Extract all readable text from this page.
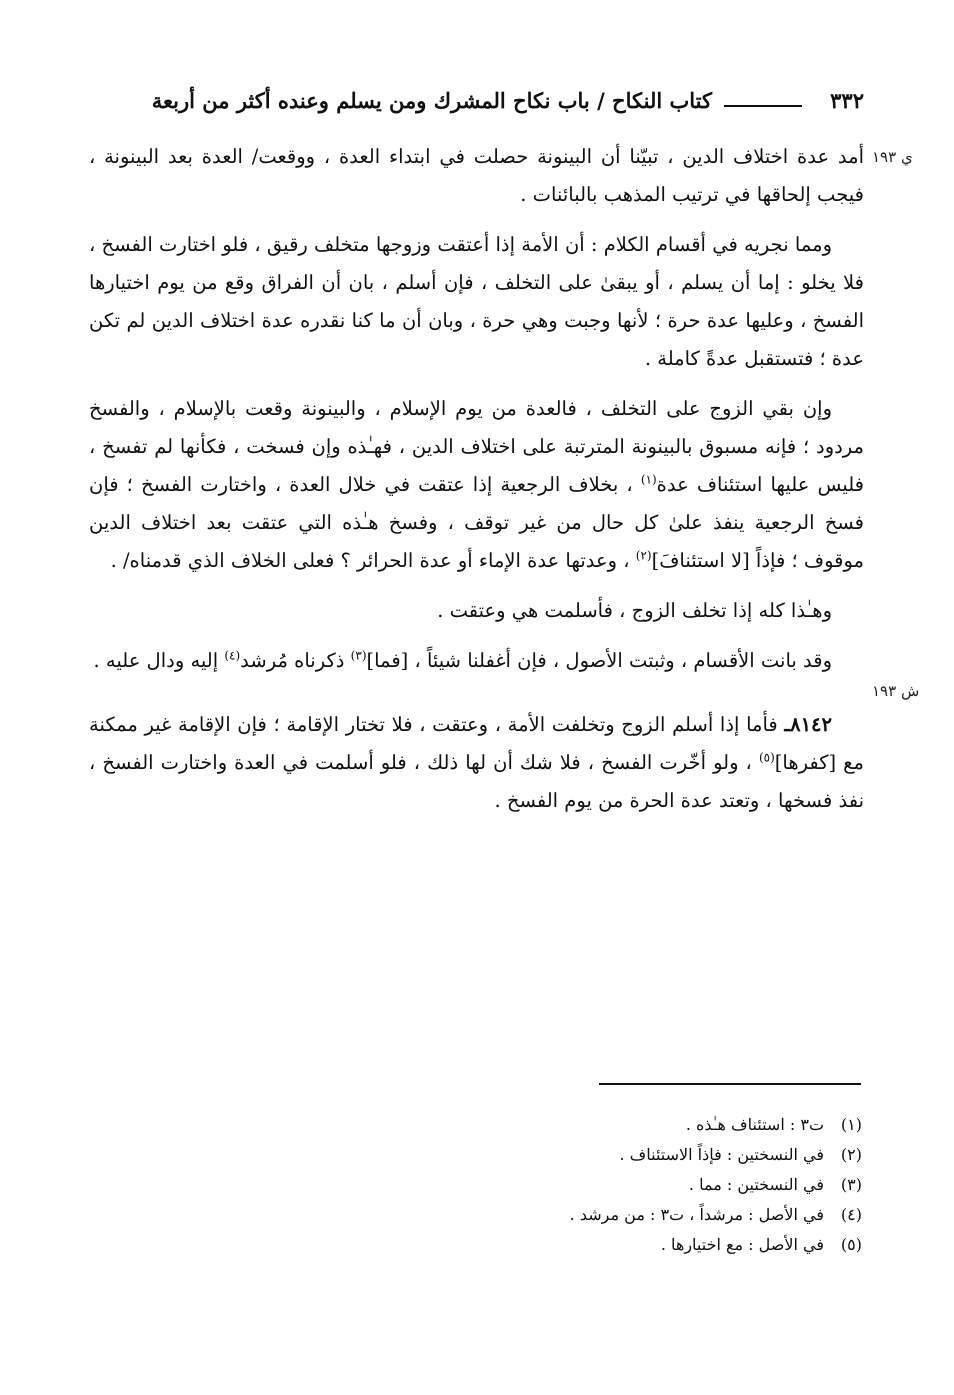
٣٣٢
كتاب النكاح / باب نكاح المشرك ومن يسلم وعنده أكثر من أربعة
ي ١٩٣
ش ١٩٣

أمد عدة اختلاف الدين ، تبيّنا أن البينونة حصلت في ابتداء العدة ، ووقعت/ العدة بعد البينونة ، فيجب إلحاقها في ترتيب المذهب بالبائنات .

ومما نجريه في أقسام الكلام : أن الأمة إذا أعتقت وزوجها متخلف رقيق ، فلو اختارت الفسخ ، فلا يخلو : إما أن يسلم ، أو يبقىٰ على التخلف ، فإن أسلم ، بان أن الفراق وقع من يوم اختيارها الفسخ ، وعليها عدة حرة ؛ لأنها وجبت وهي حرة ، وبان أن ما كنا نقدره عدة اختلاف الدين لم تكن عدة ؛ فتستقبل عدةً كاملة .

وإن بقي الزوج على التخلف ، فالعدة من يوم الإسلام ، والبينونة وقعت بالإسلام ، والفسخ مردود ؛ فإنه مسبوق بالبينونة المترتبة على اختلاف الدين ، فهـٰذه وإن فسخت ، فكأنها لم تفسخ ، فليس عليها استئناف عدة$^{(١)}$ ، بخلاف الرجعية إذا عتقت في خلال العدة ، واختارت الفسخ ؛ فإن فسخ الرجعية ينفذ علىٰ كل حال من غير توقف ، وفسخ هـٰذه التي عتقت بعد اختلاف الدين موقوف ؛ فإذاً [لا استئنافَ]$^{(٢)}$ ، وعدتها عدة الإماء أو عدة الحرائر ؟ فعلى الخلاف الذي قدمناه/ .

وهـٰذا كله إذا تخلف الزوج ، فأسلمت هي وعتقت .

وقد بانت الأقسام ، وثبتت الأصول ، فإن أغفلنا شيئاً ، [فما]$^{(٣)}$ ذكرناه مُرشد$^{(٤)}$ إليه ودال عليه .

٨١٤٢ـ فأما إذا أسلم الزوج وتخلفت الأمة ، وعتقت ، فلا تختار الإقامة ؛ فإن الإقامة غير ممكنة مع [كفرها]$^{(٥)}$ ، ولو أخّرت الفسخ ، فلا شك أن لها ذلك ، فلو أسلمت في العدة واختارت الفسخ ، نفذ فسخها ، وتعتد عدة الحرة من يوم الفسخ .

(١)ت٣ : استئناف هـٰذه .
(٢)في النسختين : فإذاً الاستئناف .
(٣)في النسختين : مما .
(٤)في الأصل : مرشداً ، ت٣ : من مرشد .
(٥)في الأصل : مع اختيارها .
